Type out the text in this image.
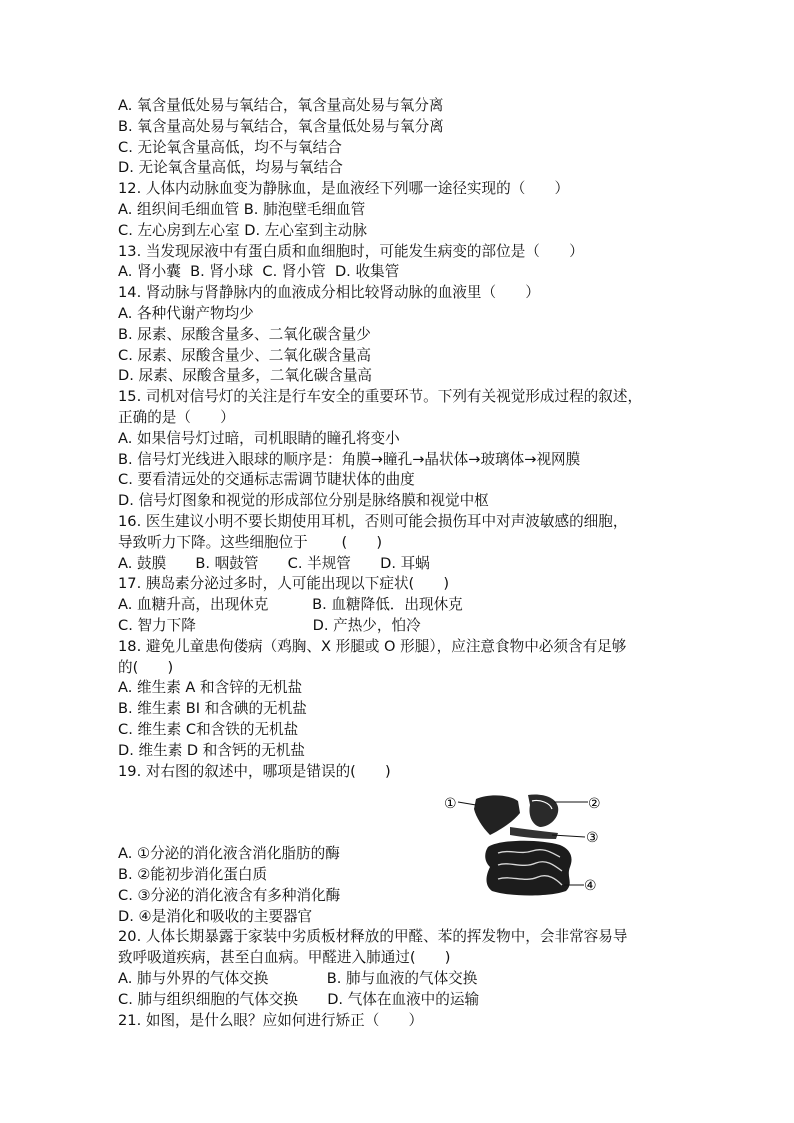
A. 氧含量低处易与氧结合，氧含量高处易与氧分离
B. 氧含量高处易与氧结合，氧含量低处易与氧分离
C. 无论氧含量高低，均不与氧结合
D. 无论氧含量高低，均易与氧结合
12. 人体内动脉血变为静脉血，是血液经下列哪一途径实现的（　　）
A. 组织间毛细血管 B. 肺泡壁毛细血管
C. 左心房到左心室 D. 左心室到主动脉
13. 当发现尿液中有蛋白质和血细胞时，可能发生病变的部位是（　　）
A. 肾小囊  B. 肾小球  C. 肾小管  D. 收集管
14. 肾动脉与肾静脉内的血液成分相比较肾动脉的血液里（　　）
A. 各种代谢产物均少
B. 尿素、尿酸含量多、二氧化碳含量少
C. 尿素、尿酸含量少、二氧化碳含量高
D. 尿素、尿酸含量多，二氧化碳含量高
15. 司机对信号灯的关注是行车安全的重要环节。下列有关视觉形成过程的叙述，
正确的是（　　）
A. 如果信号灯过暗，司机眼睛的瞳孔将变小
B. 信号灯光线进入眼球的顺序是：角膜→瞳孔→晶状体→玻璃体→视网膜
C. 要看清远处的交通标志需调节睫状体的曲度
D. 信号灯图象和视觉的形成部位分别是脉络膜和视觉中枢
16. 医生建议小明不要长期使用耳机，否则可能会损伤耳中对声波敏感的细胞，
导致听力下降。这些细胞位于　　 (　　)
A. 鼓膜　　B. 咽鼓管　　C. 半规管　　D. 耳蜗
17. 胰岛素分泌过多时，人可能出现以下症状(　　)
A. 血糖升高，出现休克　　　B. 血糖降低．出现休克
C. 智力下降　　　　　　　　D. 产热少，怕冷
18. 避免儿童患佝偻病（鸡胸、X 形腿或 O 形腿），应注意食物中必须含有足够
的(　　)
A. 维生素 A 和含锌的无机盐
B. 维生素 BI 和含碘的无机盐
C. 维生素 C和含铁的无机盐
D. 维生素 D 和含钙的无机盐
19. 对右图的叙述中，哪项是错误的(　　)
A. ①分泌的消化液含消化脂肪的酶
B. ②能初步消化蛋白质
C. ③分泌的消化液含有多种消化酶
D. ④是消化和吸收的主要器官
20. 人体长期暴露于家装中劣质板材释放的甲醛、苯的挥发物中，会非常容易导
致呼吸道疾病，甚至白血病。甲醛进入肺通过(　　)
A. 肺与外界的气体交换　　　　B. 肺与血液的气体交换
C. 肺与组织细胞的气体交换　　D. 气体在血液中的运输
21. 如图，是什么眼？应如何进行矫正（　　）
①	②
③
④
